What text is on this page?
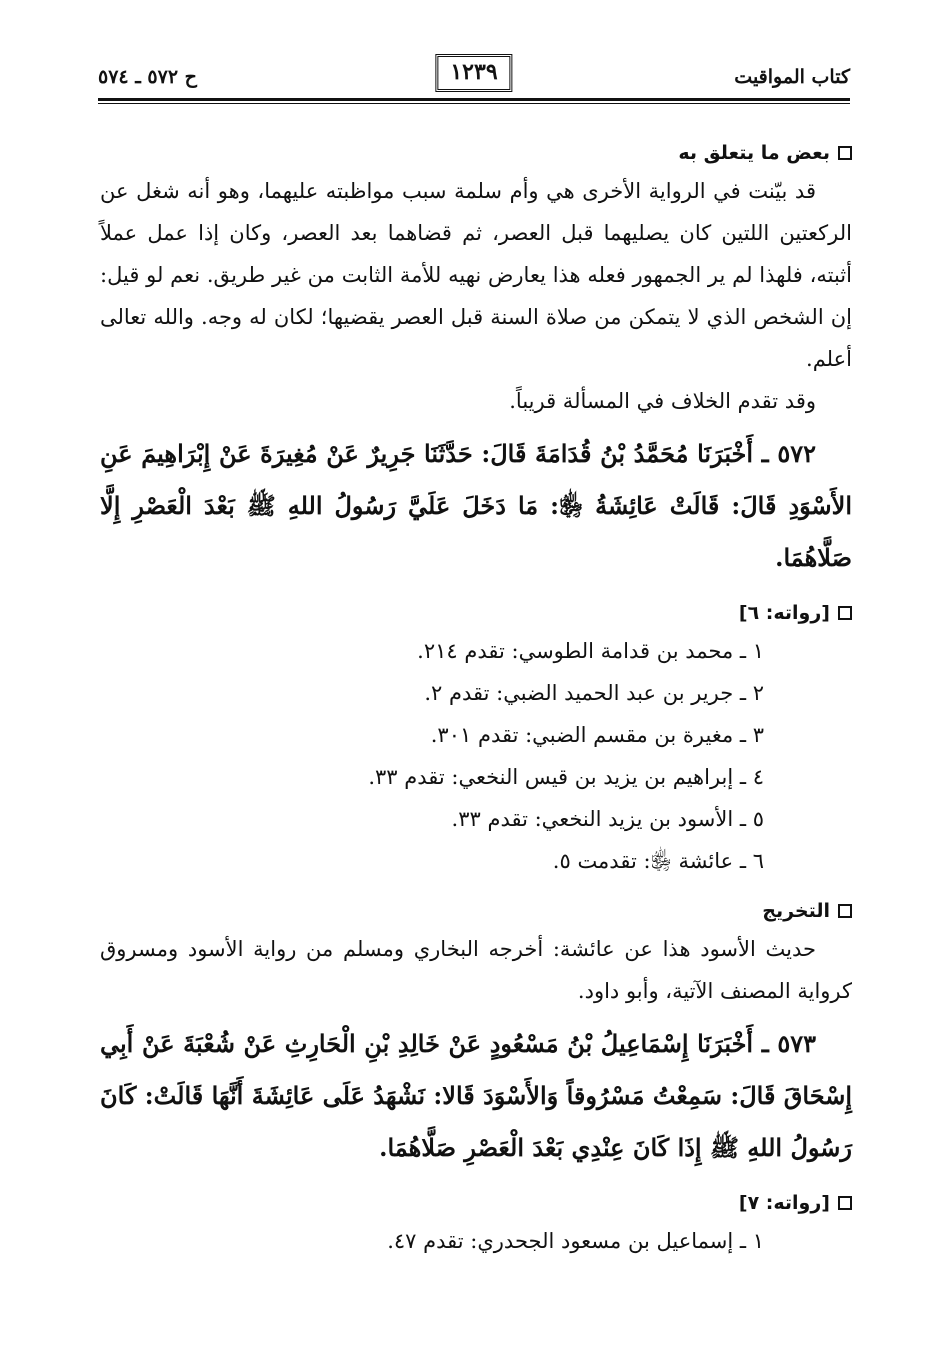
كتاب المواقيت
١٢٣٩
ح ٥٧٢ ـ ٥٧٤
بعض ما يتعلق به

قد بيّنت في الرواية الأخرى هي وأم سلمة سبب مواظبته عليهما، وهو أنه شغل عن الركعتين اللتين كان يصليهما قبل العصر، ثم قضاهما بعد العصر، وكان إذا عمل عملاً أثبته، فلهذا لم ير الجمهور فعله هذا يعارض نهيه للأمة الثابت من غير طريق. نعم لو قيل: إن الشخص الذي لا يتمكن من صلاة السنة قبل العصر يقضيها؛ لكان له وجه. والله تعالى أعلم.

وقد تقدم الخلاف في المسألة قريباً.

٥٧٢ ـ أَخْبَرَنَا مُحَمَّدُ بْنُ قُدَامَةَ قَالَ: حَدَّثَنَا جَرِيرٌ عَنْ مُغِيرَةَ عَنْ إِبْرَاهِيمَ عَنِ الأَسْوَدِ قَالَ: قَالَتْ عَائِشَةُ ﵂: مَا دَخَلَ عَلَيَّ رَسُولُ اللهِ ﷺ بَعْدَ الْعَصْرِ إِلَّا صَلَّاهُمَا.

[رواته: ٦]
١ ـ محمد بن قدامة الطوسي: تقدم ٢١٤.
٢ ـ جرير بن عبد الحميد الضبي: تقدم ٢.
٣ ـ مغيرة بن مقسم الضبي: تقدم ٣٠١.
٤ ـ إبراهيم بن يزيد بن قيس النخعي: تقدم ٣٣.
٥ ـ الأسود بن يزيد النخعي: تقدم ٣٣.
٦ ـ عائشة ﵂: تقدمت ٥.
التخريج

حديث الأسود هذا عن عائشة: أخرجه البخاري ومسلم من رواية الأسود ومسروق كرواية المصنف الآتية، وأبو داود.

٥٧٣ ـ أَخْبَرَنَا إِسْمَاعِيلُ بْنُ مَسْعُودٍ عَنْ خَالِدِ بْنِ الْحَارِثِ عَنْ شُعْبَةَ عَنْ أَبِي إِسْحَاقَ قَالَ: سَمِعْتُ مَسْرُوقاً وَالأَسْوَدَ قَالا: نَشْهَدُ عَلَى عَائِشَةَ أَنَّهَا قَالَتْ: كَانَ رَسُولُ اللهِ ﷺ إِذَا كَانَ عِنْدِي بَعْدَ الْعَصْرِ صَلَّاهُمَا.

[رواته: ٧]
١ ـ إسماعيل بن مسعود الجحدري: تقدم ٤٧.
